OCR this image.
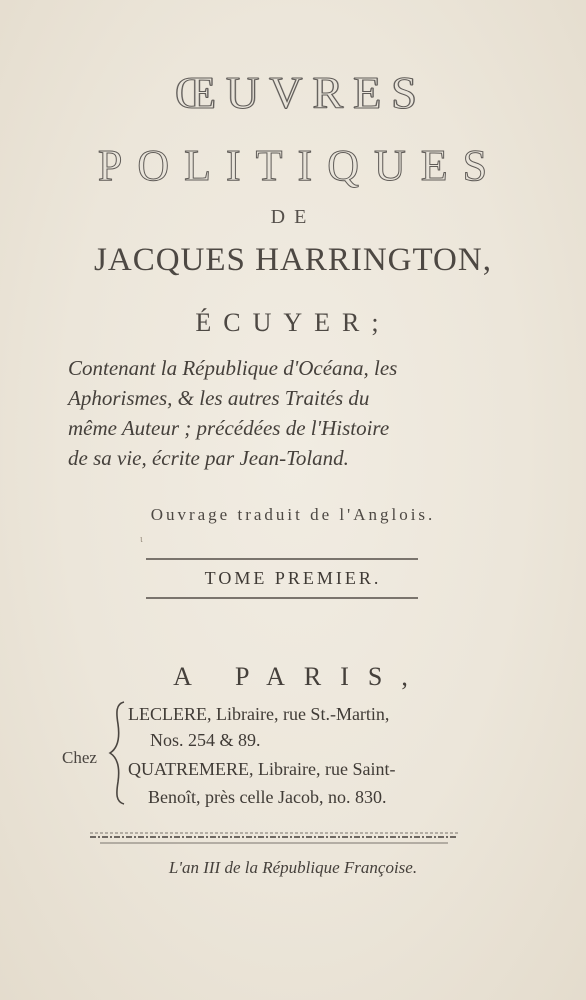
ŒUVRES
POLITIQUES
DE
JACQUES HARRINGTON,
ÉCUYER;
Contenant la République d'Océana, les
Aphorismes, & les autres Traités du
même Auteur ; précédées de l'Histoire
de sa vie, écrite par Jean-Toland.
Ouvrage traduit de l'Anglois.
ι
TOME PREMIER.
A PARIS,
Chez
LECLERE, Libraire, rue St.-Martin,
Nos. 254 & 89.
QUATREMERE, Libraire, rue Saint-
Benoît, près celle Jacob, no. 830.
L'an III de la République Françoise.
